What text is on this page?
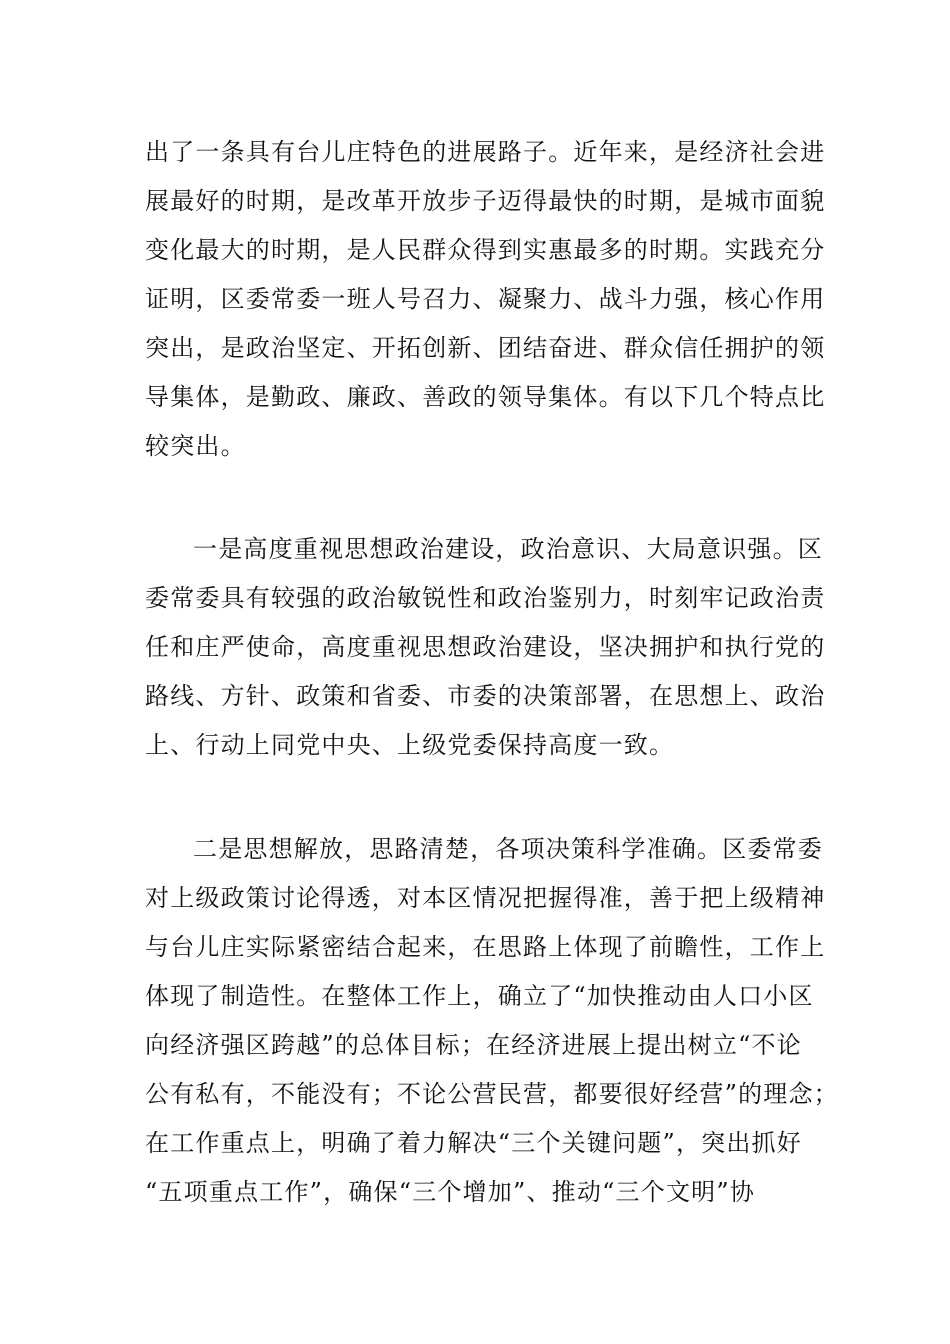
出了一条具有台儿庄特色的进展路子。近年来，是经济社会进
展最好的时期，是改革开放步子迈得最快的时期，是城市面貌
变化最大的时期，是人民群众得到实惠最多的时期。实践充分
证明，区委常委一班人号召力、凝聚力、战斗力强，核心作用
突出，是政治坚定、开拓创新、团结奋进、群众信任拥护的领
导集体，是勤政、廉政、善政的领导集体。有以下几个特点比
较突出。
一是高度重视思想政治建设，政治意识、大局意识强。区
委常委具有较强的政治敏锐性和政治鉴别力，时刻牢记政治责
任和庄严使命，高度重视思想政治建设，坚决拥护和执行党的
路线、方针、政策和省委、市委的决策部署，在思想上、政治
上、行动上同党中央、上级党委保持高度一致。
二是思想解放，思路清楚，各项决策科学准确。区委常委
对上级政策讨论得透，对本区情况把握得准，善于把上级精神
与台儿庄实际紧密结合起来，在思路上体现了前瞻性，工作上
体现了制造性。在整体工作上，确立了“加快推动由人口小区
向经济强区跨越”的总体目标；在经济进展上提出树立“不论
公有私有，不能没有；不论公营民营，都要很好经营”的理念；
在工作重点上，明确了着力解决“三个关键问题”，突出抓好
“五项重点工作”，确保“三个增加”、推动“三个文明”协
